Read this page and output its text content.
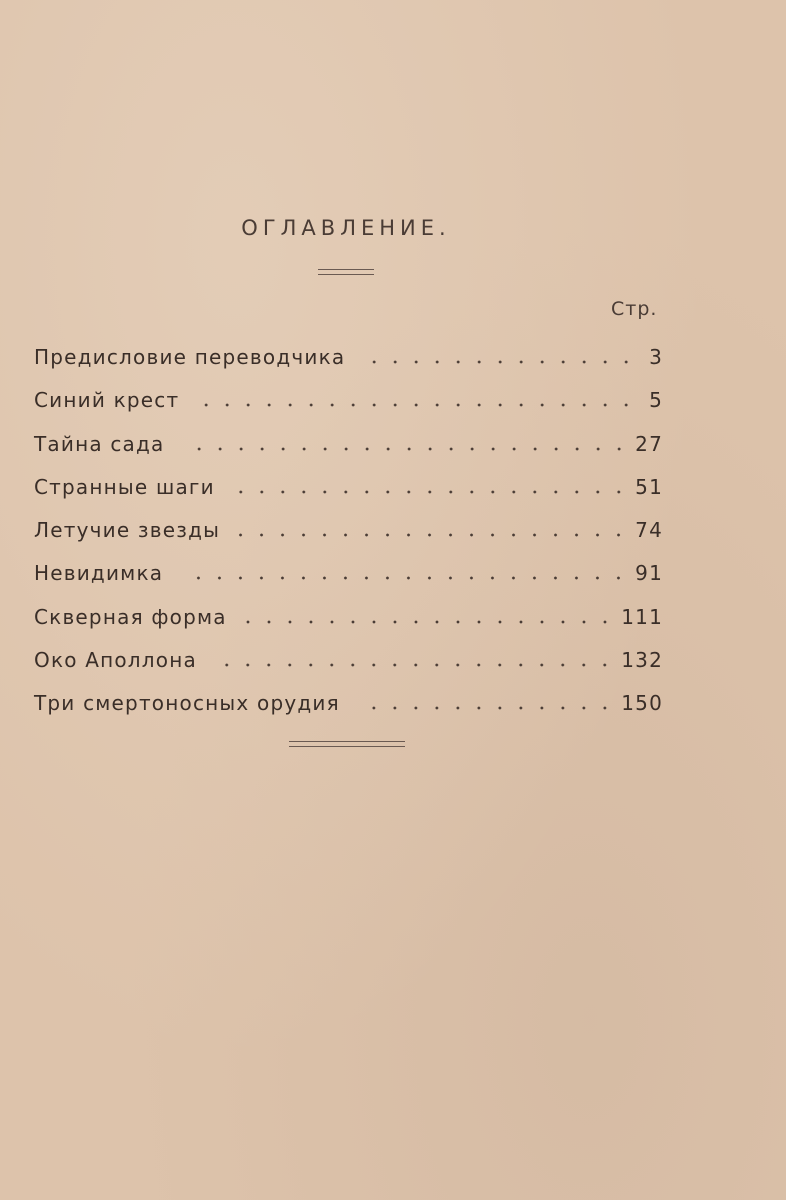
ОГЛАВЛЕНИЕ.
Стр.
Предисловие переводчика	3
Синий крест	5
Тайна сада	27
Странные шаги	51
Летучие звезды	74
Невидимка	91
Скверная форма	111
Око Аполлона	132
Три смертоносных орудия	150
